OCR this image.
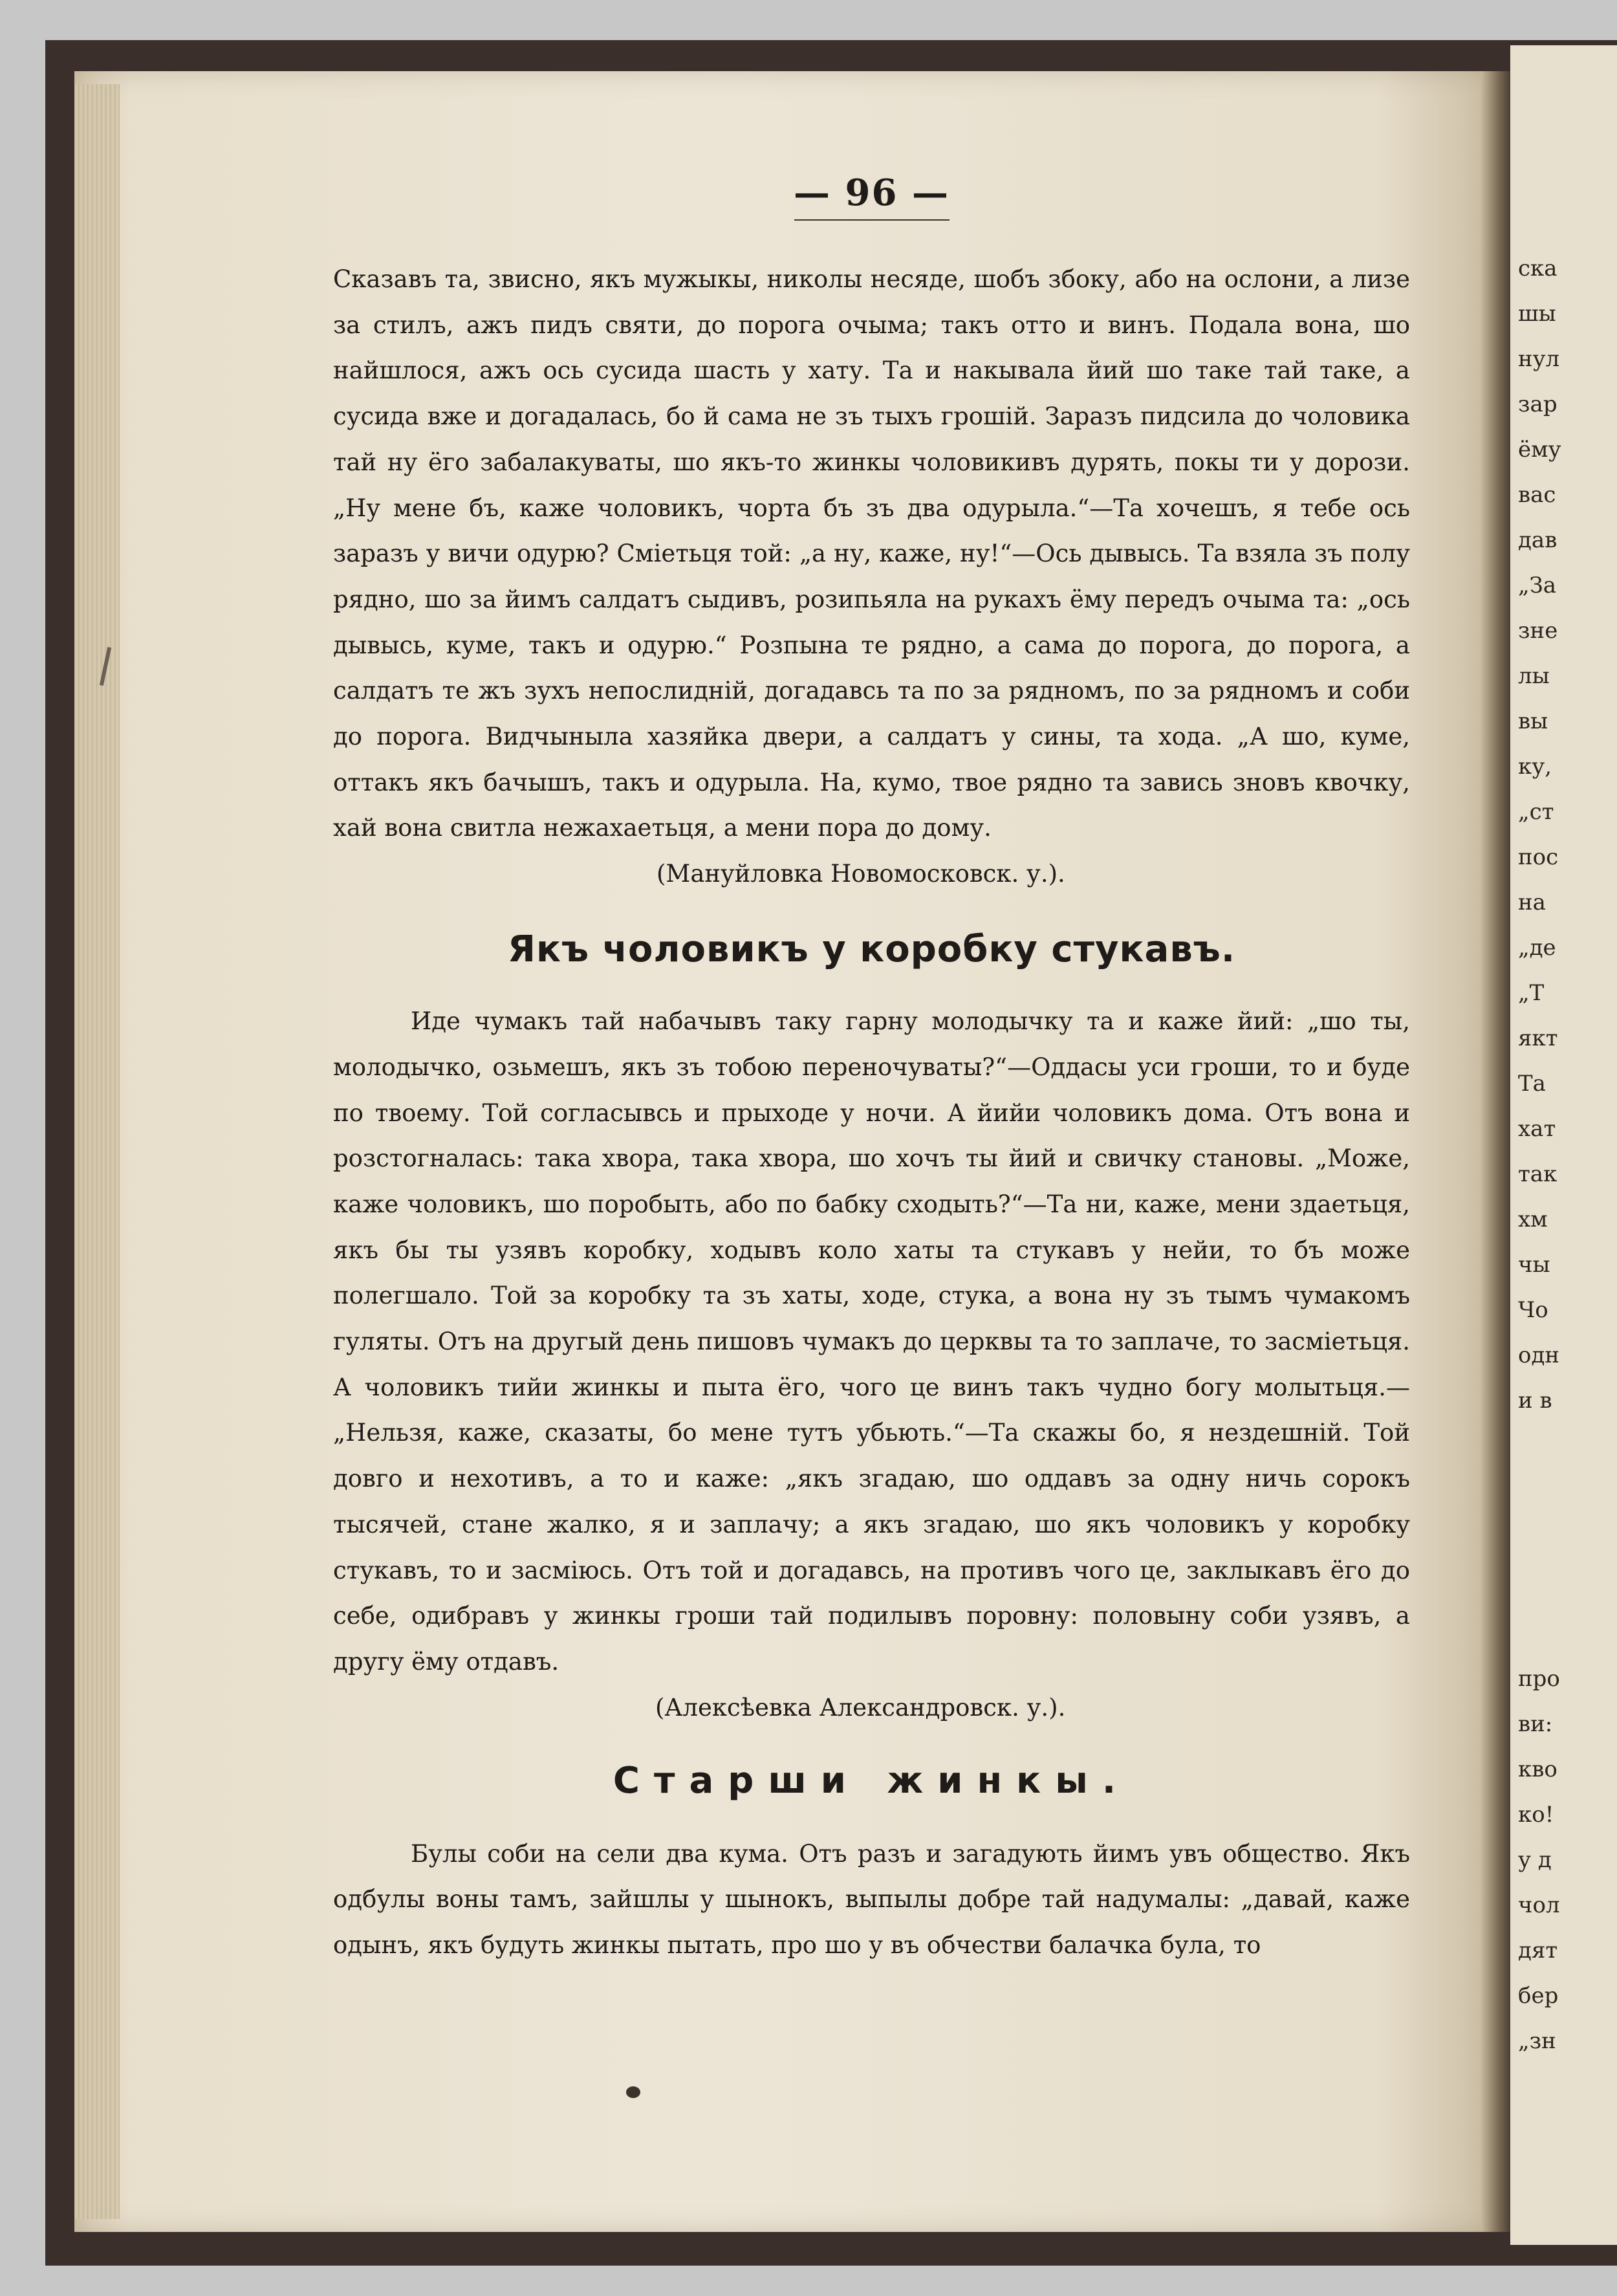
ска
шы
нул
зар
ёму
вас
дав
„За
зне
лы
вы
ку,
„ст
пос
на
„де
„Т
якт
Та
хат
так
хм
чы
Чо
одн
и в
про
ви:
кво
ко!
у д
чол
дят
бер
„зн
— 96 —

Сказавъ та, звисно, якъ мужыкы, николы несяде, шобъ збоку, або на ослони, а лизе за стилъ, ажъ пидъ святи, до порога очыма; такъ отто и винъ. Подала вона, шо найшлося, ажъ ось сусида шасть у хату. Та и накывала йий шо таке тай таке, а сусида вже и догадалась, бо й сама не зъ тыхъ грошій. Заразъ пидсила до чоловика тай ну ёго забалакуваты, шо якъ-то жинкы чоловикивъ дурять, покы ти у дорози. „Ну мене бъ, каже чоловикъ, чорта бъ зъ два одурыла.“—Та хочешъ, я тебе ось заразъ у вичи одурю? Сміетьця той: „а ну, каже, ну!“—Ось дывысь. Та взяла зъ полу рядно, шо за йимъ салдатъ сыдивъ, розипьяла на рукахъ ёму передъ очыма та: „ось дывысь, куме, такъ и одурю.“ Розпына те рядно, а сама до порога, до порога, а салдатъ те жъ зухъ непослидній, догадавсь та по за рядномъ, по за рядномъ и соби до порога. Видчыныла хазяйка двери, а салдатъ у сины, та хода. „А шо, куме, оттакъ якъ бачышъ, такъ и одурыла. На, кумо, твое рядно та завись зновъ квочку, хай вона свитла нежахаетьця, а мени пора до дому.

(Мануйловка Новомосковск. у.).

Якъ чоловикъ у коробку стукавъ.

Иде чумакъ тай набачывъ таку гарну молодычку та и каже йий: „шо ты, молодычко, озьмешъ, якъ зъ тобою переночуваты?“—Оддасы уси гроши, то и буде по твоему. Той согласывсь и прыходе у ночи. А йийи чоловикъ дома. Отъ вона и розстогналась: така хвора, така хвора, шо хочъ ты йий и свичку становы. „Може, каже чоловикъ, шо поробыть, або по бабку сходыть?“—Та ни, каже, мени здаетьця, якъ бы ты узявъ коробку, ходывъ коло хаты та стукавъ у нейи, то бъ може полегшало. Той за коробку та зъ хаты, ходе, стука, а вона ну зъ тымъ чумакомъ гуляты. Отъ на другый день пишовъ чумакъ до церквы та то заплаче, то засміетьця. А чоловикъ тийи жинкы и пыта ёго, чого це винъ такъ чудно богу молытьця.—„Нельзя, каже, сказаты, бо мене тутъ убьють.“—Та скажы бо, я нездешній. Той довго и нехотивъ, а то и каже: „якъ згадаю, шо оддавъ за одну ничь сорокъ тысячей, стане жалко, я и заплачу; а якъ згадаю, шо якъ чоловикъ у коробку стукавъ, то и засміюсь. Отъ той и догадавсь, на противъ чого це, заклыкавъ ёго до себе, одибравъ у жинкы гроши тай подилывъ поровну: половыну соби узявъ, а другу ёму отдавъ.

(Алексѣевка Александровск. у.).

Старши жинкы.

Булы соби на сели два кума. Отъ разъ и загадують йимъ увъ общество. Якъ одбулы воны тамъ, зайшлы у шынокъ, выпылы добре тай надумалы: „давай, каже одынъ, якъ будуть жинкы пытать, про шо у въ обчестви балачка була, то
